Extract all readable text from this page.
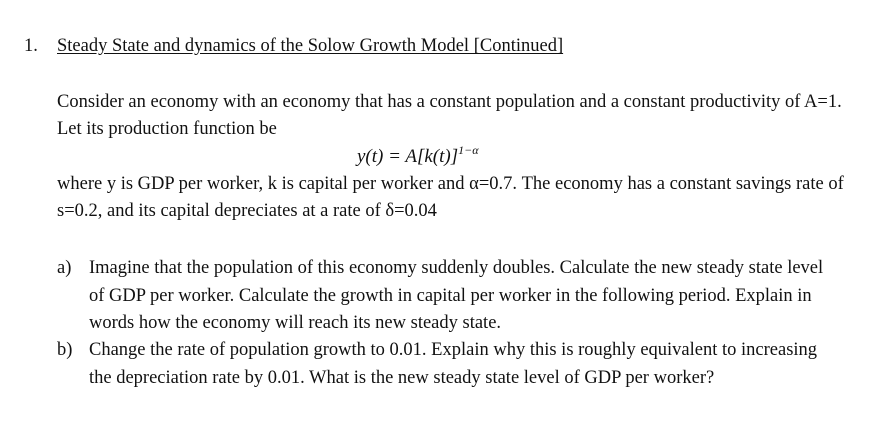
1. Steady State and dynamics of the Solow Growth Model [Continued]
Consider an economy with an economy that has a constant population and a constant productivity of A=1. Let its production function be
$y(t) = A[k(t)]^{1-\alpha}$
where y is GDP per worker, k is capital per worker and α=0.7. The economy has a constant savings rate of s=0.2, and its capital depreciates at a rate of δ=0.04
a) Imagine that the population of this economy suddenly doubles. Calculate the new steady state level of GDP per worker. Calculate the growth in capital per worker in the following period. Explain in words how the economy will reach its new steady state.
b) Change the rate of population growth to 0.01. Explain why this is roughly equivalent to increasing the depreciation rate by 0.01. What is the new steady state level of GDP per worker?
